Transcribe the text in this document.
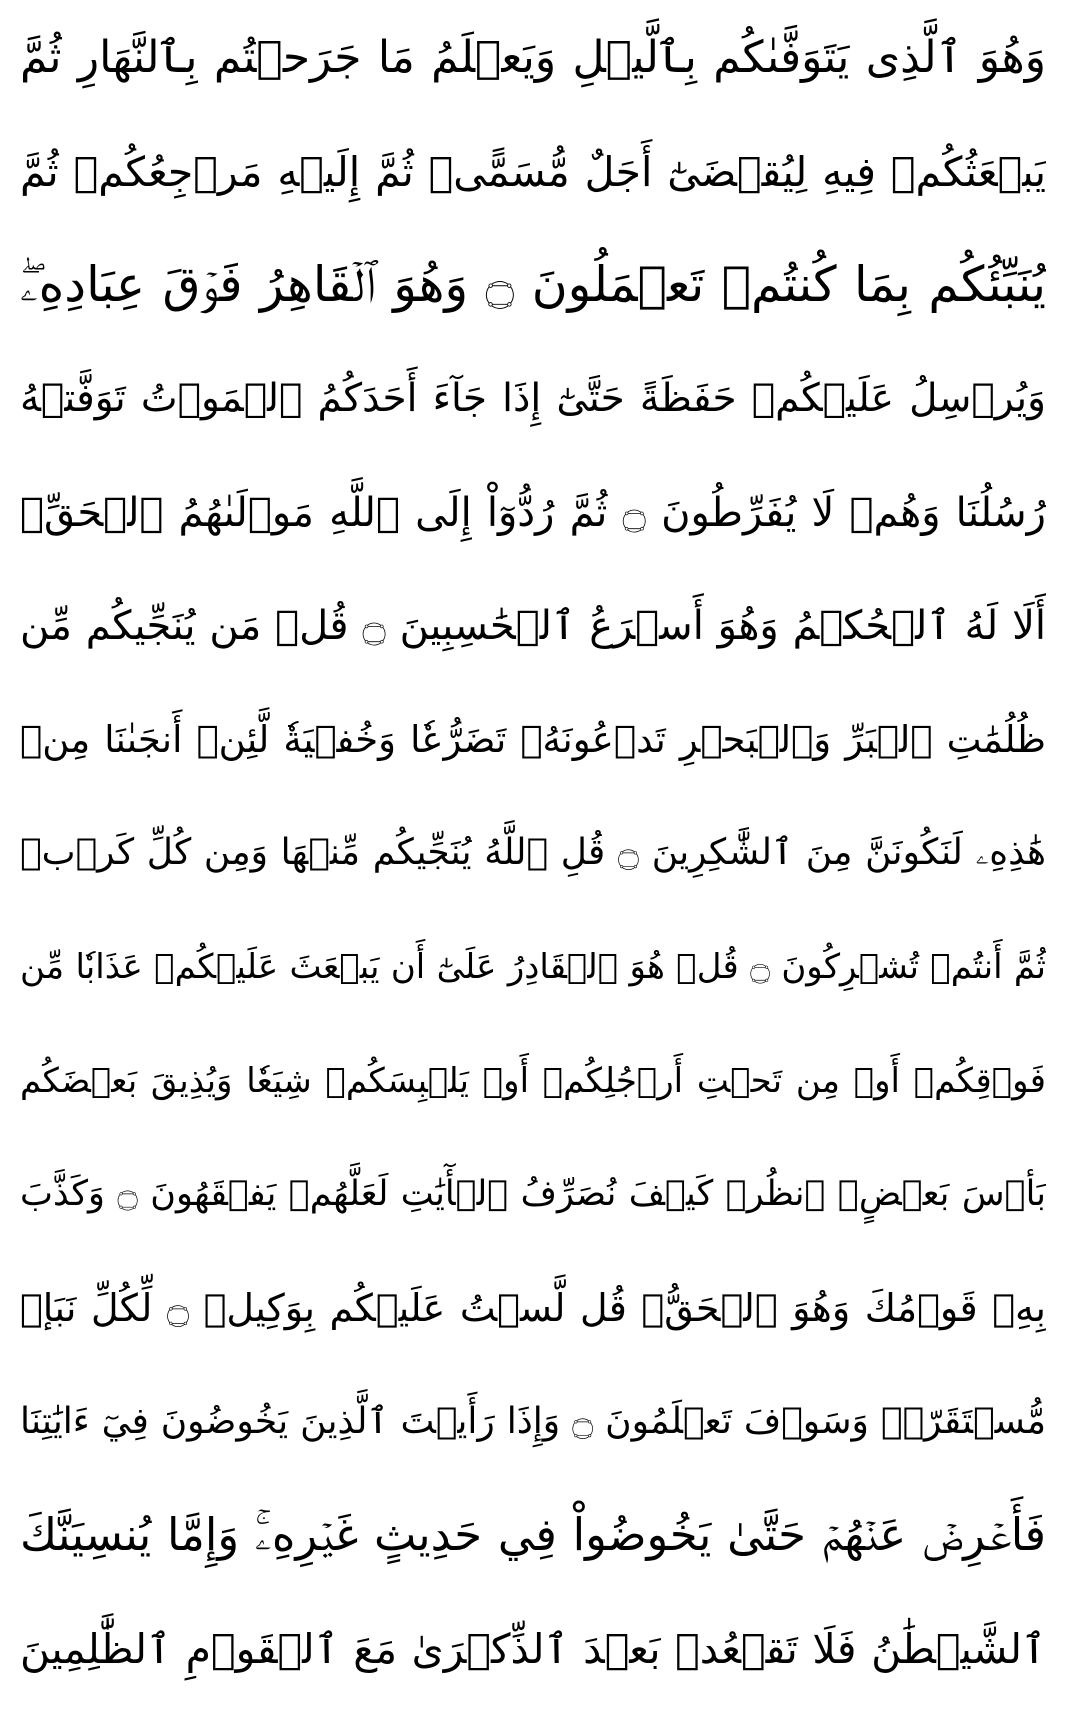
وَهُوَ ٱلَّذِى يَتَوَفَّىٰكُم بِٱلَّيۡلِ وَيَعۡلَمُ مَا جَرَحۡتُم بِٱلنَّهَارِ ثُمَّ
يَبۡعَثُكُمۡ فِيهِ لِيُقۡضَىٰٓ أَجَلٌ مُّسَمًّىۖ ثُمَّ إِلَيۡهِ مَرۡجِعُكُمۡ ثُمَّ
يُنَبِّئُكُم بِمَا كُنتُمۡ تَعۡمَلُونَ ۝ وَهُوَ ٱلۡقَاهِرُ فَوۡقَ عِبَادِهِۦۖ
وَيُرۡسِلُ عَلَيۡكُمۡ حَفَظَةً حَتَّىٰٓ إِذَا جَآءَ أَحَدَكُمُ ٱلۡمَوۡتُ تَوَفَّتۡهُ
رُسُلُنَا وَهُمۡ لَا يُفَرِّطُونَ ۝ ثُمَّ رُدُّوٓاْ إِلَى ٱللَّهِ مَوۡلَىٰهُمُ ٱلۡحَقِّۚ
أَلَا لَهُ ٱلۡحُكۡمُ وَهُوَ أَسۡرَعُ ٱلۡحَٰسِبِينَ ۝ قُلۡ مَن يُنَجِّيكُم مِّن
ظُلُمَٰتِ ٱلۡبَرِّ وَٱلۡبَحۡرِ تَدۡعُونَهُۥ تَضَرُّعٗا وَخُفۡيَةٗ لَّئِنۡ أَنجَىٰنَا مِنۡ
هَٰذِهِۦ لَنَكُونَنَّ مِنَ ٱلشَّٰكِرِينَ ۝ قُلِ ٱللَّهُ يُنَجِّيكُم مِّنۡهَا وَمِن كُلِّ كَرۡبٖ
ثُمَّ أَنتُمۡ تُشۡرِكُونَ ۝ قُلۡ هُوَ ٱلۡقَادِرُ عَلَىٰٓ أَن يَبۡعَثَ عَلَيۡكُمۡ عَذَابٗا مِّن
فَوۡقِكُمۡ أَوۡ مِن تَحۡتِ أَرۡجُلِكُمۡ أَوۡ يَلۡبِسَكُمۡ شِيَعٗا وَيُذِيقَ بَعۡضَكُم
بَأۡسَ بَعۡضٍۗ ٱنظُرۡ كَيۡفَ نُصَرِّفُ ٱلۡأٓيَٰتِ لَعَلَّهُمۡ يَفۡقَهُونَ ۝ وَكَذَّبَ
بِهِۦ قَوۡمُكَ وَهُوَ ٱلۡحَقُّۚ قُل لَّسۡتُ عَلَيۡكُم بِوَكِيلٖ ۝ لِّكُلِّ نَبَإٖ
مُّسۡتَقَرّٞۚ وَسَوۡفَ تَعۡلَمُونَ ۝ وَإِذَا رَأَيۡتَ ٱلَّذِينَ يَخُوضُونَ فِيٓ ءَايَٰتِنَا
فَأَعۡرِضۡ عَنۡهُمۡ حَتَّىٰ يَخُوضُواْ فِي حَدِيثٍ غَيۡرِهِۦۚ وَإِمَّا يُنسِيَنَّكَ
ٱلشَّيۡطَٰنُ فَلَا تَقۡعُدۡ بَعۡدَ ٱلذِّكۡرَىٰ مَعَ ٱلۡقَوۡمِ ٱلظَّٰلِمِينَ
